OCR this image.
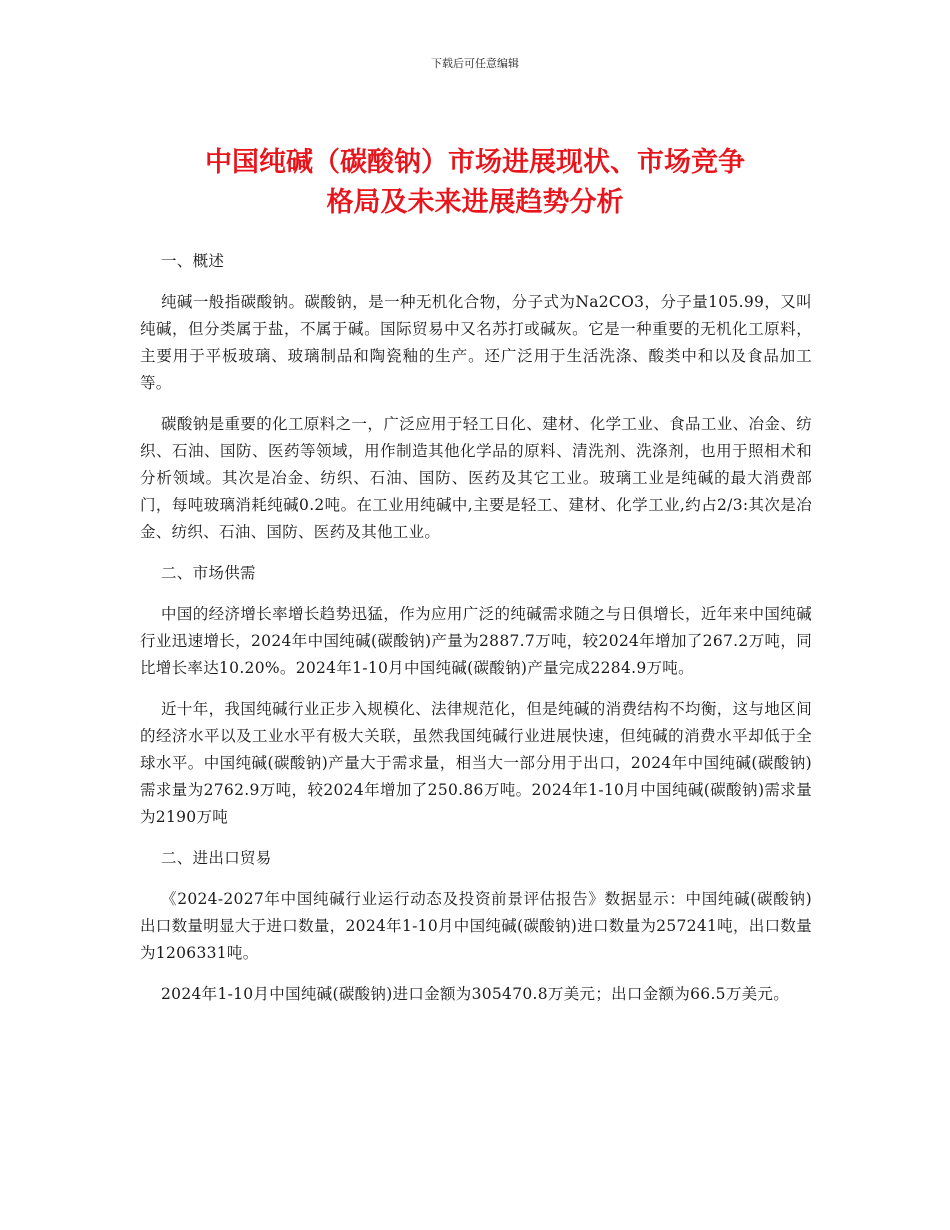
下载后可任意编辑
中国纯碱（碳酸钠）市场进展现状、市场竞争
格局及未来进展趋势分析

一、概述

纯碱一般指碳酸钠。碳酸钠，是一种无机化合物，分子式为Na2CO3，分子量105.99，又叫纯碱，但分类属于盐，不属于碱。国际贸易中又名苏打或碱灰。它是一种重要的无机化工原料，主要用于平板玻璃、玻璃制品和陶瓷釉的生产。还广泛用于生活洗涤、酸类中和以及食品加工等。

碳酸钠是重要的化工原料之一，广泛应用于轻工日化、建材、化学工业、食品工业、冶金、纺织、石油、国防、医药等领域，用作制造其他化学品的原料、清洗剂、洗涤剂，也用于照相术和分析领域。其次是冶金、纺织、石油、国防、医药及其它工业。玻璃工业是纯碱的最大消费部门，每吨玻璃消耗纯碱0.2吨。在工业用纯碱中,主要是轻工、建材、化学工业,约占2/3:其次是冶金、纺织、石油、国防、医药及其他工业。

二、市场供需

中国的经济增长率增长趋势迅猛，作为应用广泛的纯碱需求随之与日俱增长，近年来中国纯碱行业迅速增长，2024年中国纯碱(碳酸钠)产量为2887.7万吨，较2024年增加了267.2万吨，同比增长率达10.20%。2024年1-10月中国纯碱(碳酸钠)产量完成2284.9万吨。

近十年，我国纯碱行业正步入规模化、法律规范化，但是纯碱的消费结构不均衡，这与地区间的经济水平以及工业水平有极大关联，虽然我国纯碱行业进展快速，但纯碱的消费水平却低于全球水平。中国纯碱(碳酸钠)产量大于需求量，相当大一部分用于出口，2024年中国纯碱(碳酸钠)需求量为2762.9万吨，较2024年增加了250.86万吨。2024年1-10月中国纯碱(碳酸钠)需求量为2190万吨

二、进出口贸易

《2024-2027年中国纯碱行业运行动态及投资前景评估报告》数据显示：中国纯碱(碳酸钠)出口数量明显大于进口数量，2024年1-10月中国纯碱(碳酸钠)进口数量为257241吨，出口数量为1206331吨。

2024年1-10月中国纯碱(碳酸钠)进口金额为305470.8万美元；出口金额为66.5万美元。
